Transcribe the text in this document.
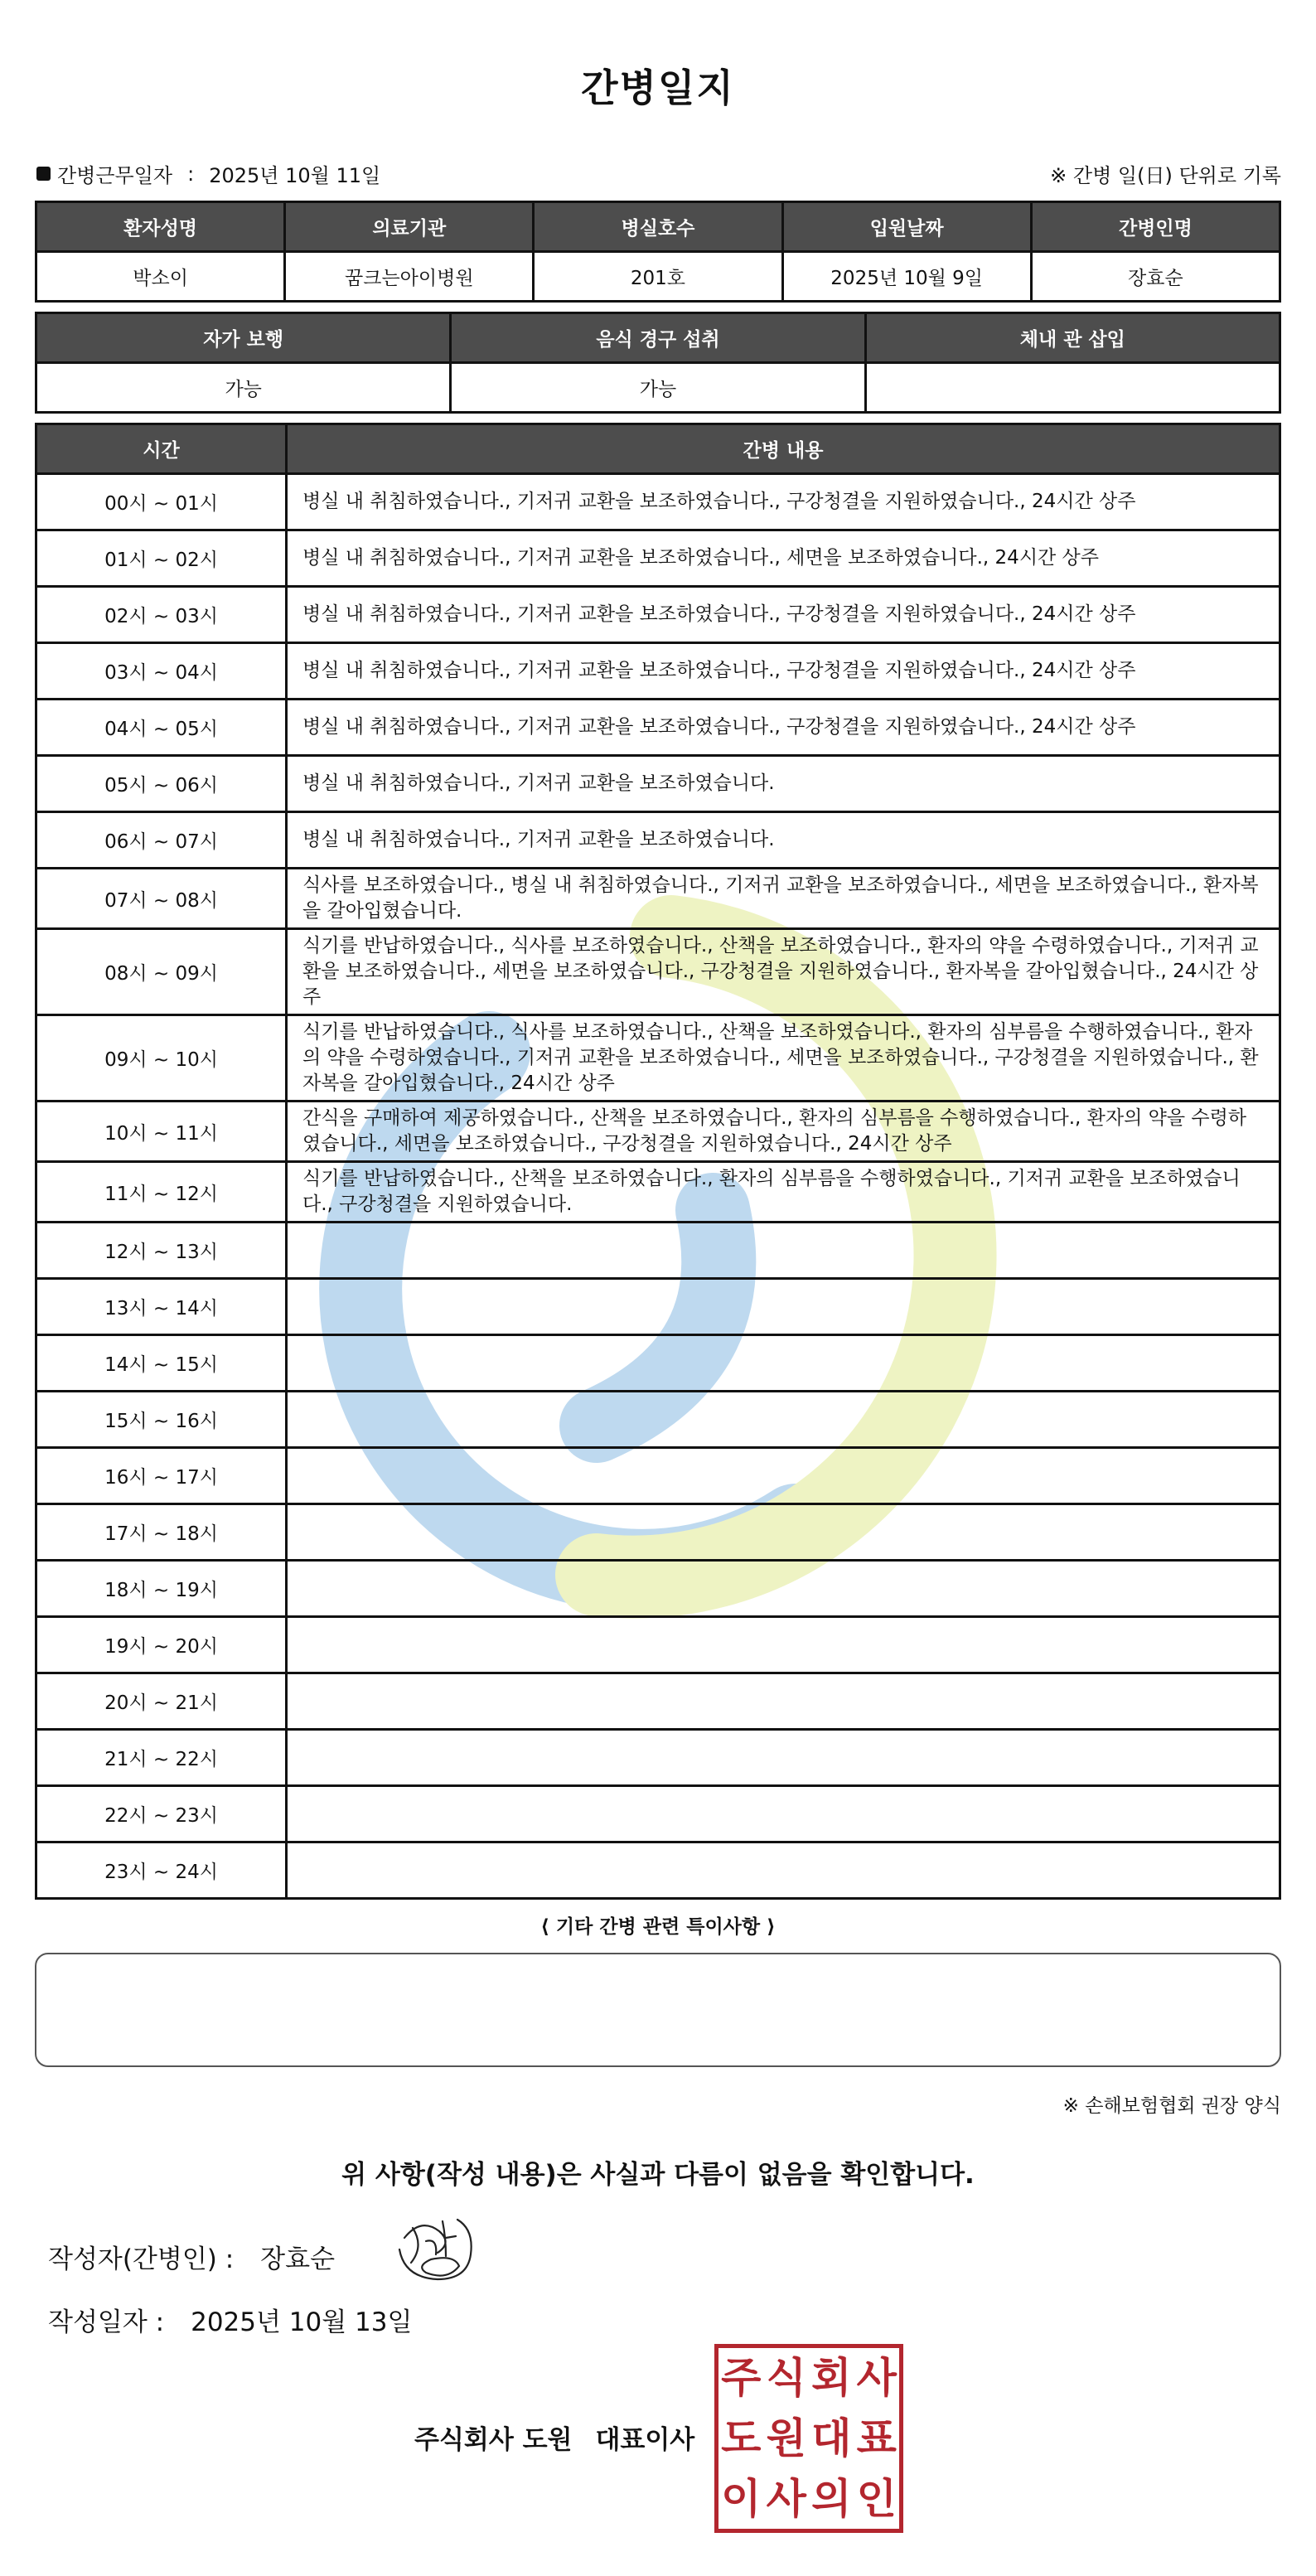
간병일지
간병근무일자 : 2025년 10월 11일	※ 간병 일(日) 단위로 기록
환자성명	의료기관	병실호수	입원날짜	간병인명
박소이	꿈크는아이병원	201호	2025년 10월 9일	장효순
자가 보행	음식 경구 섭취	체내 관 삽입
가능	가능	
시간	간병 내용
00시 ~ 01시	병실 내 취침하였습니다., 기저귀 교환을 보조하였습니다., 구강청결을 지원하였습니다., 24시간 상주
01시 ~ 02시	병실 내 취침하였습니다., 기저귀 교환을 보조하였습니다., 세면을 보조하였습니다., 24시간 상주
02시 ~ 03시	병실 내 취침하였습니다., 기저귀 교환을 보조하였습니다., 구강청결을 지원하였습니다., 24시간 상주
03시 ~ 04시	병실 내 취침하였습니다., 기저귀 교환을 보조하였습니다., 구강청결을 지원하였습니다., 24시간 상주
04시 ~ 05시	병실 내 취침하였습니다., 기저귀 교환을 보조하였습니다., 구강청결을 지원하였습니다., 24시간 상주
05시 ~ 06시	병실 내 취침하였습니다., 기저귀 교환을 보조하였습니다.
06시 ~ 07시	병실 내 취침하였습니다., 기저귀 교환을 보조하였습니다.
07시 ~ 08시	식사를 보조하였습니다., 병실 내 취침하였습니다., 기저귀 교환을 보조하였습니다., 세면을 보조하였습니다., 환자복을 갈아입혔습니다.
08시 ~ 09시	식기를 반납하였습니다., 식사를 보조하였습니다., 산책을 보조하였습니다., 환자의 약을 수령하였습니다., 기저귀 교환을 보조하였습니다., 세면을 보조하였습니다., 구강청결을 지원하였습니다., 환자복을 갈아입혔습니다., 24시간 상주
09시 ~ 10시	식기를 반납하였습니다., 식사를 보조하였습니다., 산책을 보조하였습니다., 환자의 심부름을 수행하였습니다., 환자의 약을 수령하였습니다., 기저귀 교환을 보조하였습니다., 세면을 보조하였습니다., 구강청결을 지원하였습니다., 환자복을 갈아입혔습니다., 24시간 상주
10시 ~ 11시	간식을 구매하여 제공하였습니다., 산책을 보조하였습니다., 환자의 심부름을 수행하였습니다., 환자의 약을 수령하였습니다., 세면을 보조하였습니다., 구강청결을 지원하였습니다., 24시간 상주
11시 ~ 12시	식기를 반납하였습니다., 산책을 보조하였습니다., 환자의 심부름을 수행하였습니다., 기저귀 교환을 보조하였습니다., 구강청결을 지원하였습니다.
12시 ~ 13시	
13시 ~ 14시	
14시 ~ 15시	
15시 ~ 16시	
16시 ~ 17시	
17시 ~ 18시	
18시 ~ 19시	
19시 ~ 20시	
20시 ~ 21시	
21시 ~ 22시	
22시 ~ 23시	
23시 ~ 24시	
⟨ 기타 간병 관련 특이사항 ⟩
※ 손해보험협회 권장 양식
위 사항(작성 내용)은 사실과 다름이 없음을 확인합니다.
작성자(간병인) : 장효순
작성일자 : 2025년 10월 13일
주식회사 도원 대표이사
주 식 회 사
도 원 대 표
이 사 의 인
